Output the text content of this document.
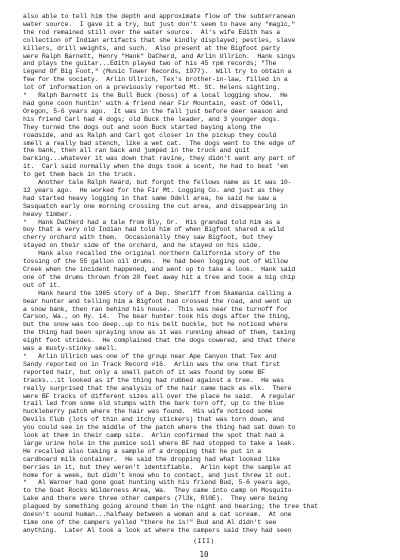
also able to tell him the depth and approximate flow of the subterranean
water source.  I gave it a try, but just don't seem to have any "magic,"
the rod remained still over the water source.  Al's wife Edith has a
collection of Indian artifacts that she kindly displayed; pestles, slave
killers, drill weights, and such.  Also present at the Bigfoot party
were Ralph Barnett, Henry "Hank" DaCherd, and Arlin Ullrich.  Hank sings
and plays the guitar...Edith played two of his 45 rpm records; "The
Legend Of Big Foot," (Music Tower Records, 1977).  Will try to obtain a
few for the society.  Arlin Ullrich, Tex's brother-in-law, filled in a
lot of information on a previously reported Mt. St. Helens sighting.
*   Ralph Barnett is the Bull Buck (boss) of a local logging show.  He
had gone coon huntin' with a friend near Fir Mountain, east of Odell,
Oregon, 5-6 years ago.  It was in the fall just before deer season and
his friend Carl had 4 dogs; old Buck the leader, and 3 younger dogs.
They turned the dogs out and soon Buck started baying along the
roadside, and as Ralph and Carl got closer in the pickup they could
smell a really bad stench, like a wet cat.  The dogs went to the edge of
the bank, then all ran back and jumped in the truck and quit
barking...whatever it was down that ravine, they didn't want any part of
it.  Carl said normally when the dogs took a scent, he had to beat 'em
to get them back in the truck.
Another tale Ralph heard, but forgot the fellows name as it was 10-
12 years ago.  He worked for the Fir Mt. Logging Co. and just as they
had started heavy logging in that same Odell area, he said he saw a
Sasquatch early one morning crossing the cut area, and disappearing in
heavy timber.
*   Hank DaCherd had a tale from Bly, Or.  His grandad told him as a
boy that a very old Indian had told him of when Bigfoot shared a wild
cherry orchard with them.  Occasionally they saw Bigfoot, but they
stayed on their side of the orchard, and he stayed on his side.
Hank also recalled the original northern California story of the
tossing of the 55 gallon oil drums.  He had been logging out of Willow
Creek when the incident happened, and went up to take a look.  Hank said
one of the drums thrown from 20 feet away hit a tree and took a big chip
out of it.
Hank heard the 1965 story of a Dep. Sheriff from Skamania calling a
bear hunter and telling him a Bigfoot had crossed the road, and went up
a snow bank, then ran behind his house.  This was near the turnoff for
Carson, Wa., on Hy. 14.  The bear hunter took his dogs after the thing,
but the snow was too deep..up to his belt buckle, but he noticed where
the thing had been spraying snow as it was running ahead of them, taking
eight foot strides.  He complained that the dogs cowered, and that there
was a musty-stinky smell.
*   Arlin Ullrich was one of the group near Ape Canyon that Tex and
Sandy reported on in Track Record #16.  Arlin was the one that first
reported hair, but only a small patch of it was found by some BF
tracks...it looked as if the thing had rubbed against a tree.  He was
really surprised that the analysis of the hair came back as elk.  There
were BF tracks of different sizes all over the place he said.  A regular
trail led from some old stumps with the bark torn off, up to the blue
huckleberry patch where the hair was found.  His wife noticed some
Devils Club (lots of thin and itchy stickers) that was torn down, and
you could see in the middle of the patch where the thing had sat down to
look at them in their camp site.  Arlin confirmed the spot that had a
large urine hole in the pumice soil where BF had stopped to take a leak.
He recalled also taking a sample of a dropping that he put in a
cardboard milk container.  He said the dropping had what looked like
berries in it, but they weren't identifiable.  Arlin kept the sample at
home for a week, but didn't know who to contact, and just threw it out.
*   Al Warner had gone goat hunting with his friend Bud, 5-6 years ago,
to the Goat Rocks Wilderness Area, Wa.  They came into camp on Mosquito
Lake and there were three other campers (7l3k, Rl0E).  They were being
plagued by something going around them in the night and hearing; the tree that
doesn't sound human...halfway between a woman and a cat scream.  At one
time one of the campers yelled "there he is!" Bud and Al didn't see
anything.  Later Al took a look at where the campers said they had seen
(III)
10
